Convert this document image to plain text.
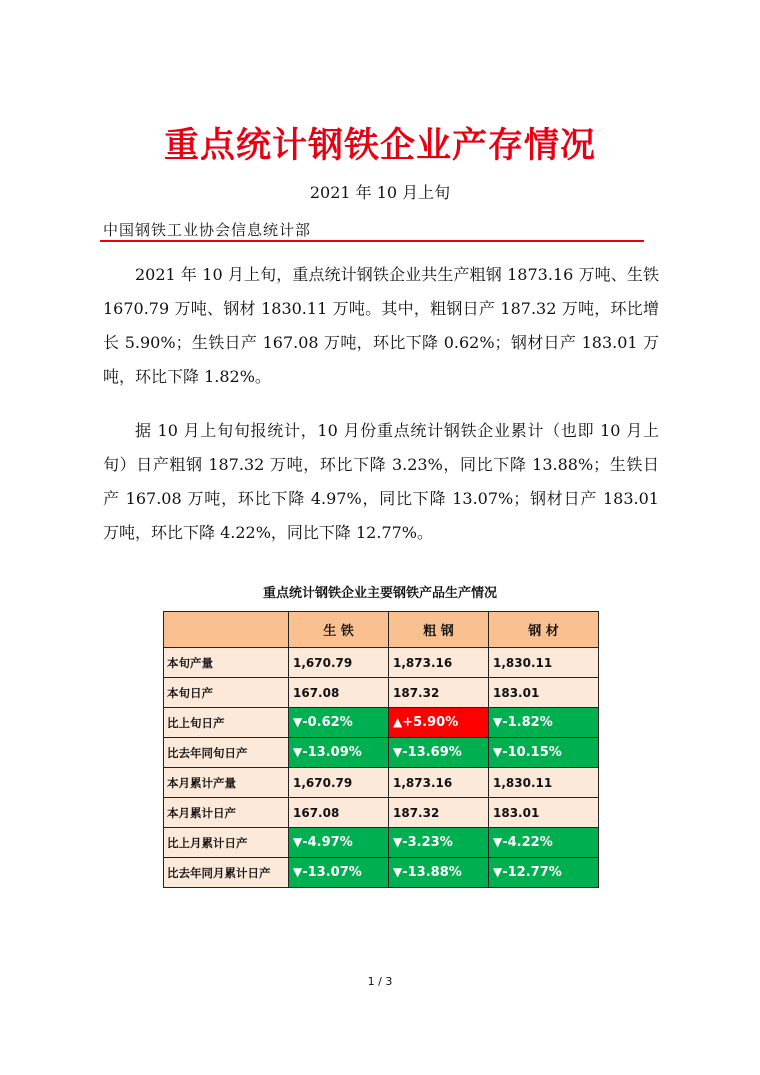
重点统计钢铁企业产存情况
2021 年 10 月上旬
中国钢铁工业协会信息统计部

2021 年 10 月上旬，重点统计钢铁企业共生产粗钢 1873.16 万吨、生铁 1670.79 万吨、钢材 1830.11 万吨。其中，粗钢日产 187.32 万吨，环比增长 5.90%；生铁日产 167.08 万吨，环比下降 0.62%；钢材日产 183.01 万吨，环比下降 1.82%。

据 10 月上旬旬报统计，10 月份重点统计钢铁企业累计（也即 10 月上旬）日产粗钢 187.32 万吨，环比下降 3.23%，同比下降 13.88%；生铁日产 167.08 万吨，环比下降 4.97%，同比下降 13.07%；钢材日产 183.01 万吨，环比下降 4.22%，同比下降 12.77%。

重点统计钢铁企业主要钢铁产品生产情况
	生 铁	粗 钢	钢 材
本旬产量	1,670.79	1,873.16	1,830.11
本旬日产	167.08	187.32	183.01
比上旬日产	▼-0.62%	▲+5.90%	▼-1.82%
比去年同旬日产	▼-13.09%	▼-13.69%	▼-10.15%
本月累计产量	1,670.79	1,873.16	1,830.11
本月累计日产	167.08	187.32	183.01
比上月累计日产	▼-4.97%	▼-3.23%	▼-4.22%
比去年同月累计日产	▼-13.07%	▼-13.88%	▼-12.77%
1 / 3
